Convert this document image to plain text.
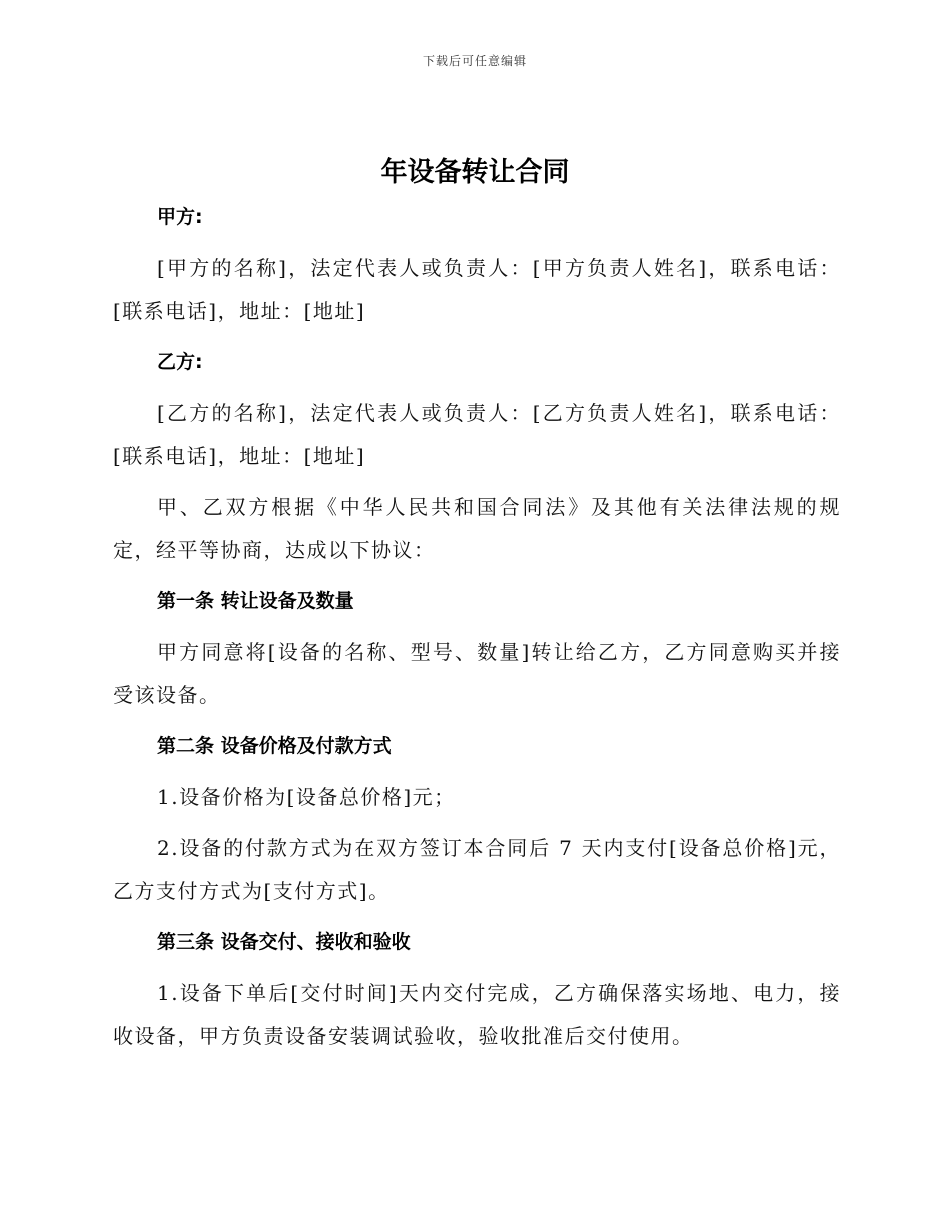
下载后可任意编辑
年设备转让合同
甲方:

[甲方的名称]，法定代表人或负责人：[甲方负责人姓名]，联系电话：[联系电话]，地址：[地址]

乙方:

[乙方的名称]，法定代表人或负责人：[乙方负责人姓名]，联系电话：[联系电话]，地址：[地址]

甲、乙双方根据《中华人民共和国合同法》及其他有关法律法规的规定，经平等协商，达成以下协议：

第一条 转让设备及数量

甲方同意将[设备的名称、型号、数量]转让给乙方，乙方同意购买并接受该设备。

第二条 设备价格及付款方式

1.设备价格为[设备总价格]元；

2.设备的付款方式为在双方签订本合同后 7 天内支付[设备总价格]元，乙方支付方式为[支付方式]。

第三条 设备交付、接收和验收

1.设备下单后[交付时间]天内交付完成，乙方确保落实场地、电力，接收设备，甲方负责设备安装调试验收，验收批准后交付使用。
